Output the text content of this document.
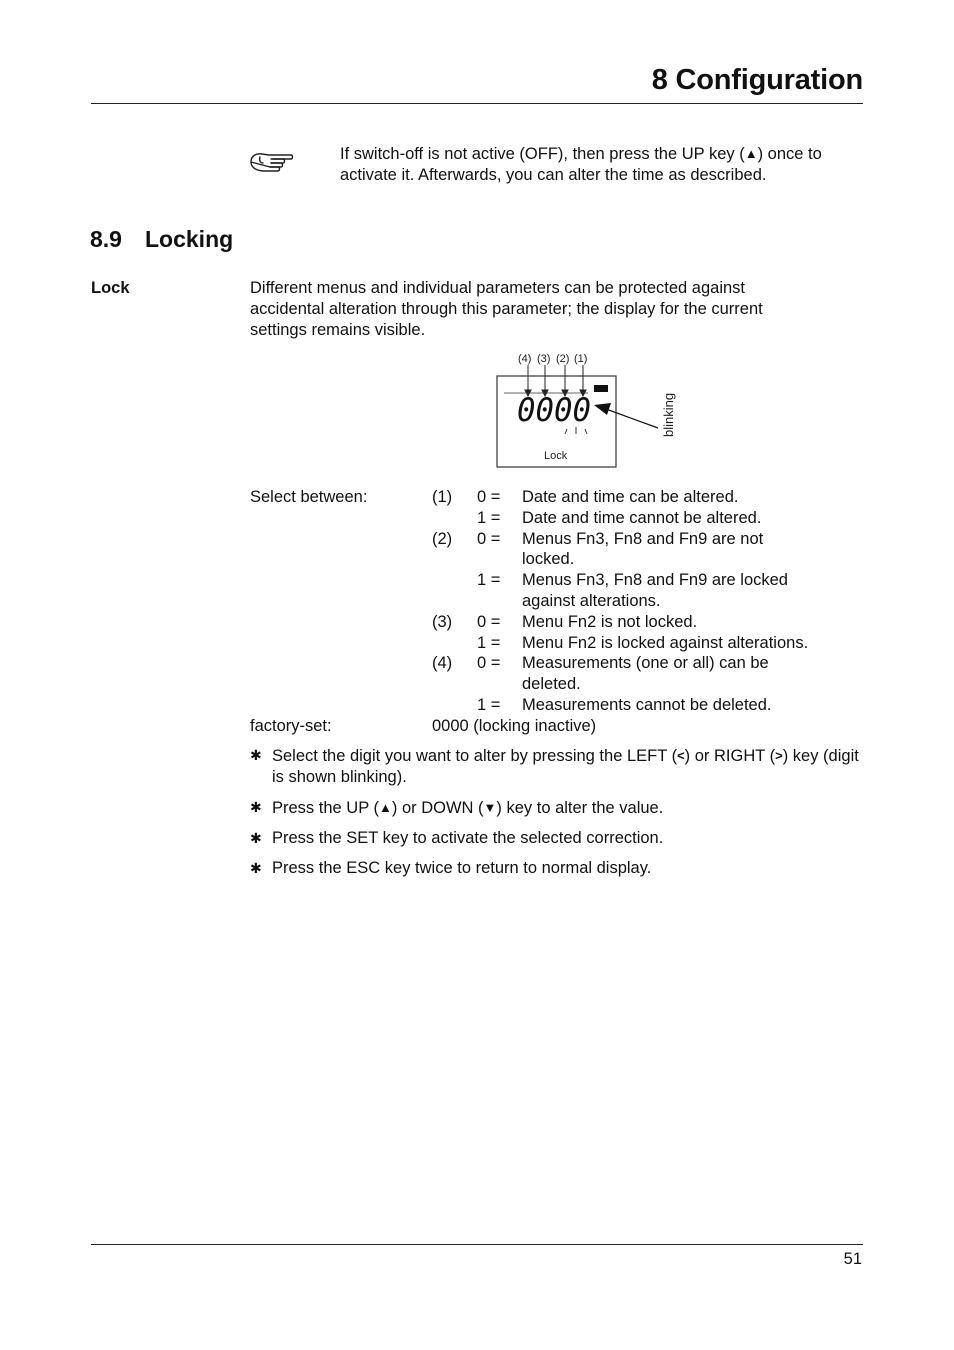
8 Configuration
If switch-off is not active (OFF), then press the UP key (▲) once to activate it. Afterwards, you can alter the time as described.
8.9 Locking
Lock	Different menus and individual parameters can be protected against accidental alteration through this parameter; the display for the current settings remains visible.
(4) (3) (2) (1)
0000
Lock
blinking
Select between:	(1) 0 = Date and time can be altered.
1 = Date and time cannot be altered.
(2) 0 = Menus Fn3, Fn8 and Fn9 are not
locked.
1 = Menus Fn3, Fn8 and Fn9 are locked
against alterations.
(3) 0 = Menu Fn2 is not locked.
1 = Menu Fn2 is locked against alterations.
(4) 0 = Measurements (one or all) can be
deleted.
1 = Measurements cannot be deleted.
factory-set:	0000 (locking inactive)
✱ Select the digit you want to alter by pressing the LEFT (<) or RIGHT (>) key (digit is shown blinking).
✱ Press the UP (▲) or DOWN (▼) key to alter the value.
✱ Press the SET key to activate the selected correction.
✱ Press the ESC key twice to return to normal display.
51
